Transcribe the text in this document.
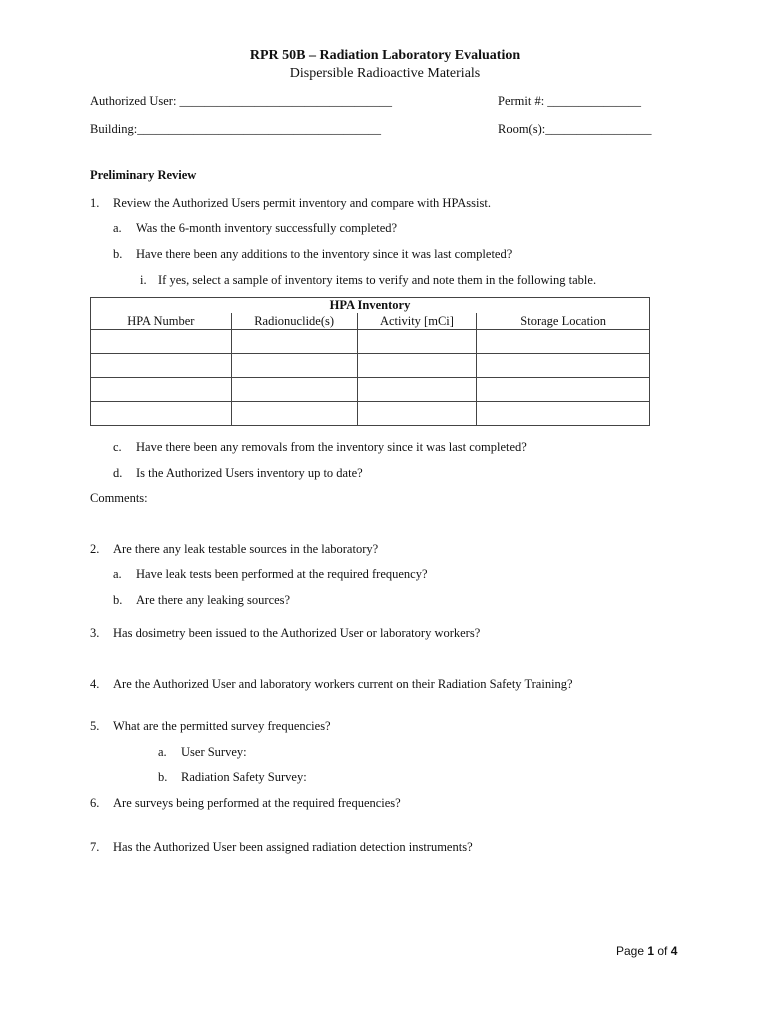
RPR 50B – Radiation Laboratory Evaluation
Dispersible Radioactive Materials
Authorized User: __________________________________	Permit #: _______________
Building:_______________________________________	Room(s):_________________
Preliminary Review
1. Review the Authorized Users permit inventory and compare with HPAssist.
a. Was the 6-month inventory successfully completed?
b. Have there been any additions to the inventory since it was last completed?
i. If yes, select a sample of inventory items to verify and note them in the following table.
HPA Inventory			
HPA Number	Radionuclide(s)	Activity [mCi]	Storage Location

c. Have there been any removals from the inventory since it was last completed?
d. Is the Authorized Users inventory up to date?
Comments:
2. Are there any leak testable sources in the laboratory?
a. Have leak tests been performed at the required frequency?
b. Are there any leaking sources?
3. Has dosimetry been issued to the Authorized User or laboratory workers?
4. Are the Authorized User and laboratory workers current on their Radiation Safety Training?
5. What are the permitted survey frequencies?
a. User Survey:
b. Radiation Safety Survey:
6. Are surveys being performed at the required frequencies?
7. Has the Authorized User been assigned radiation detection instruments?
Page 1 of 4
